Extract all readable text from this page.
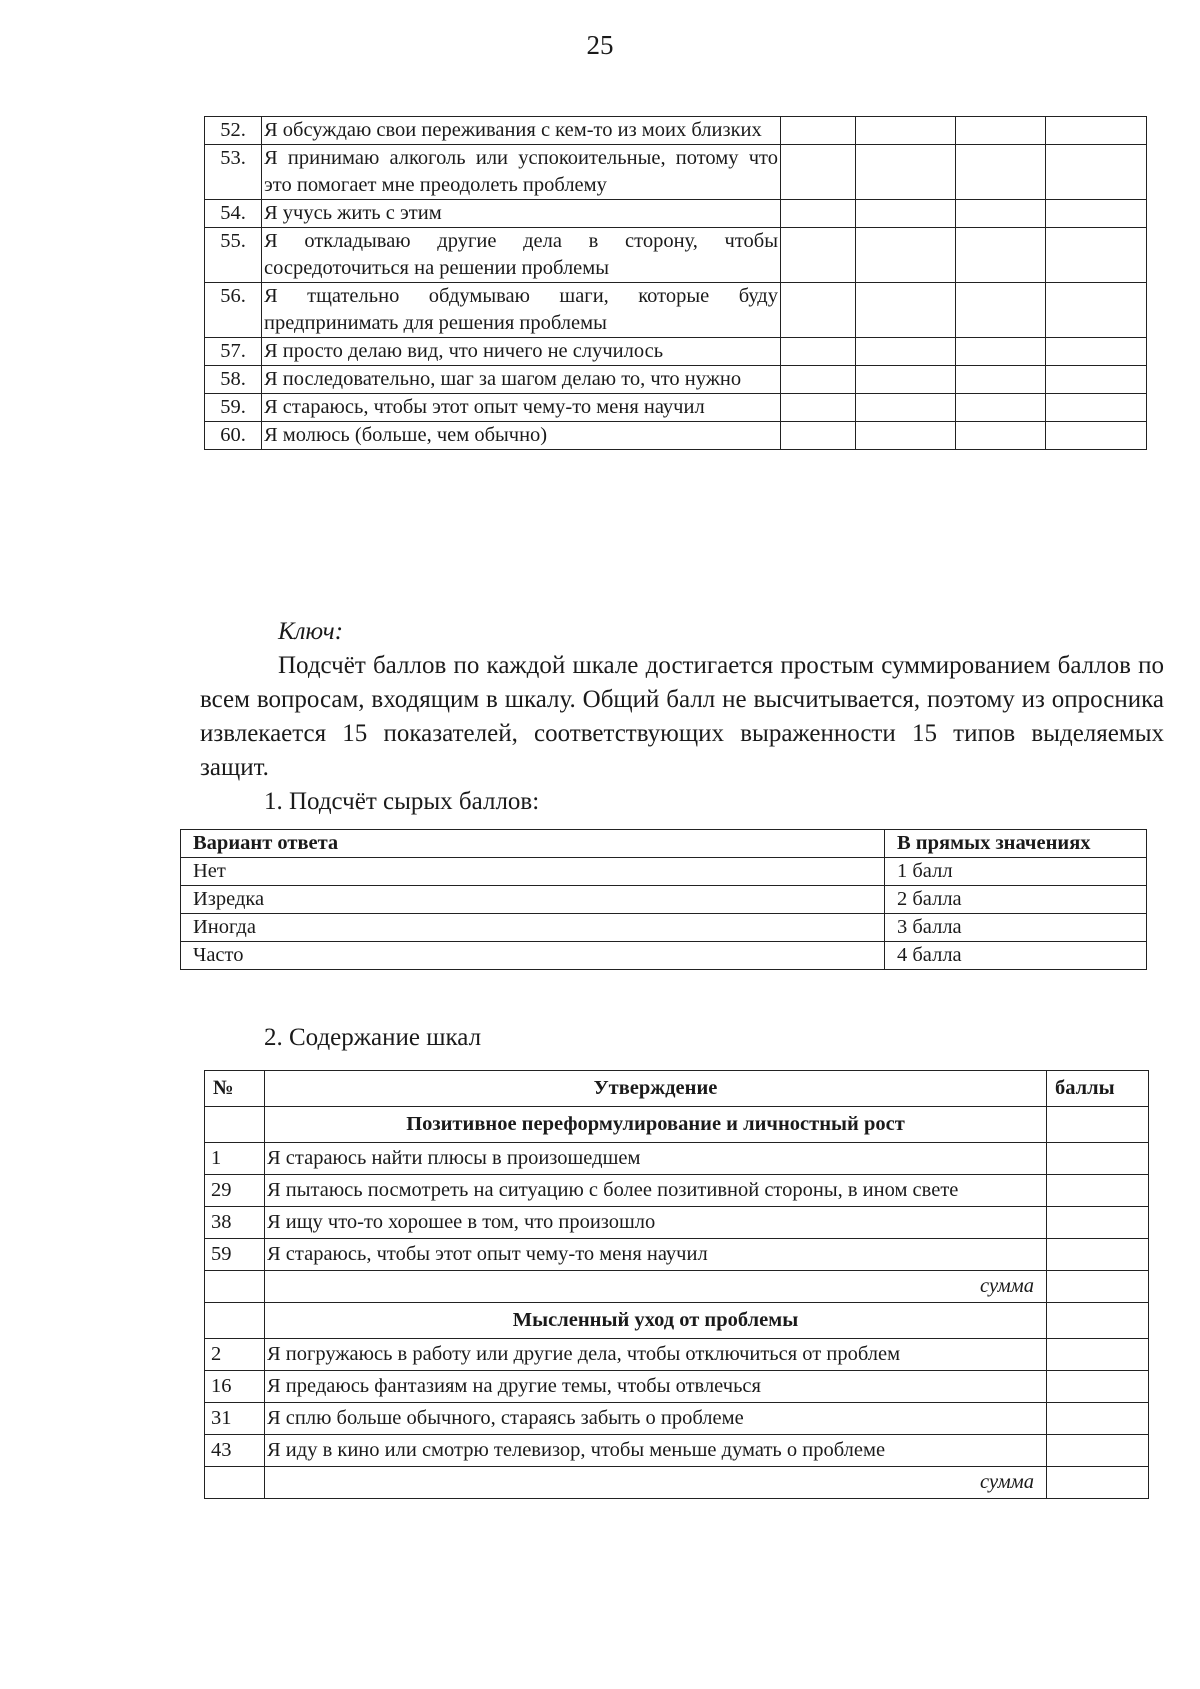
25
52.	Я обсуждаю свои переживания с кем-то из моих близких				
53.	Я принимаю алкоголь или успокоительные, потому что это помогает мне преодолеть проблему				
54.	Я учусь жить с этим				
55.	Я откладываю другие дела в сторону, чтобы сосредоточиться на решении проблемы				
56.	Я тщательно обдумываю шаги, которые буду предпринимать для решения проблемы				
57.	Я просто делаю вид, что ничего не случилось				
58.	Я последовательно, шаг за шагом делаю то, что нужно				
59.	Я стараюсь, чтобы этот опыт чему-то меня научил				
60.	Я молюсь (больше, чем обычно)				
Ключ:

Подсчёт баллов по каждой шкале достигается простым суммированием баллов по всем вопросам, входящим в шкалу. Общий балл не высчитывается, поэтому из опросника извлекается 15 показателей, соответствующих выраженности 15 типов выделяемых защит.

1. Подсчёт сырых баллов:
Вариант ответа	В прямых значениях
Нет	1 балл
Изредка	2 балла
Иногда	3 балла
Часто	4 балла
2. Содержание шкал
№	Утверждение	баллы
	Позитивное переформулирование и личностный рост	
1	Я стараюсь найти плюсы в произошедшем	
29	Я пытаюсь посмотреть на ситуацию с более позитивной стороны, в ином свете	
38	Я ищу что-то хорошее в том, что произошло	
59	Я стараюсь, чтобы этот опыт чему-то меня научил	
	сумма	
	Мысленный уход от проблемы	
2	Я погружаюсь в работу или другие дела, чтобы отключиться от проблем	
16	Я предаюсь фантазиям на другие темы, чтобы отвлечься	
31	Я сплю больше обычного, стараясь забыть о проблеме	
43	Я иду в кино или смотрю телевизор, чтобы меньше думать о проблеме	
	сумма	
